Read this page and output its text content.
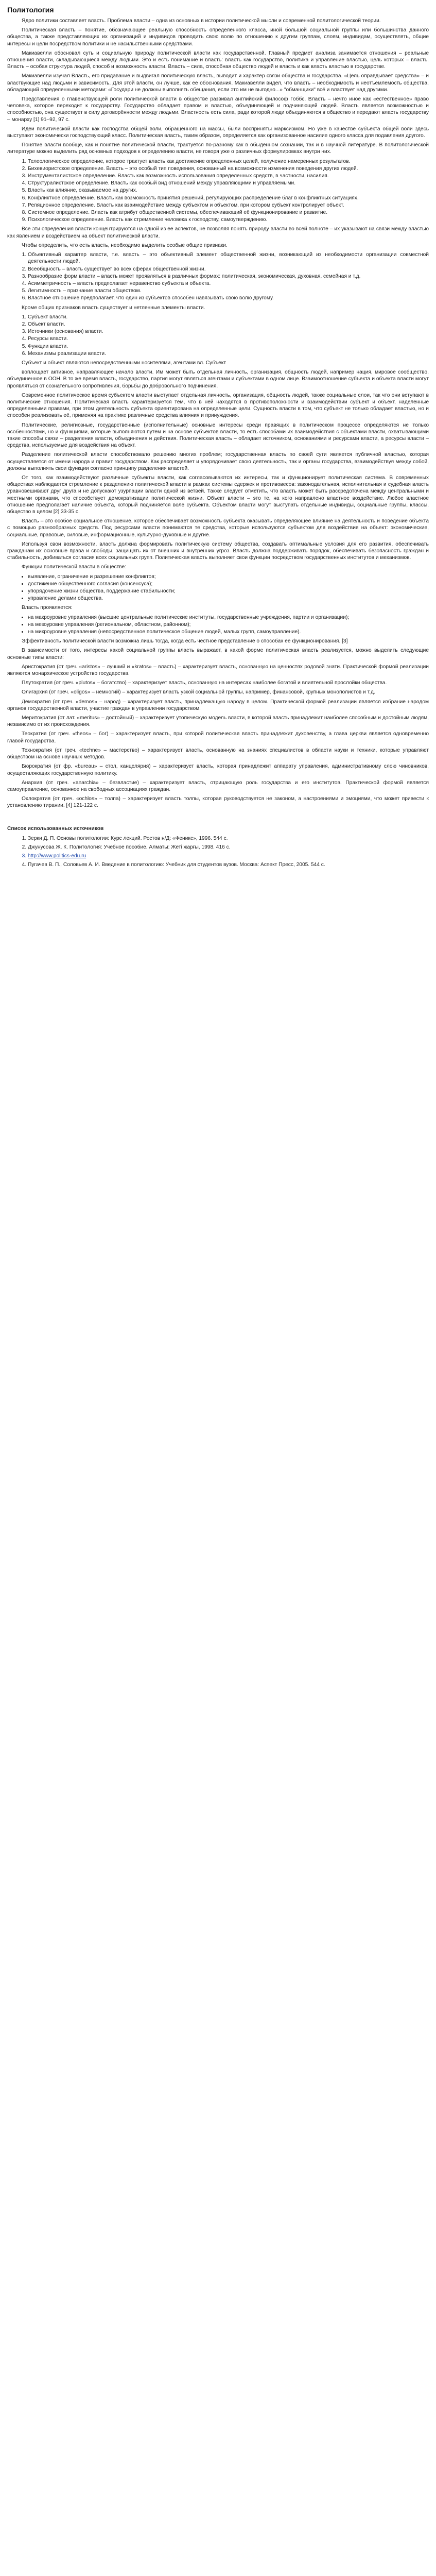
Политология

Ядро политики составляет власть. Проблема власти – одна из основных в истории политической мысли и современной политологической теории.

Политическая власть – понятие, обозначающее реальную способность определенного класса, иной большой социальной группы или большинства данного общества, а также представляющих их организаций и индивидов проводить свою волю по отношению к другим группам, слоям, индивидам, осуществлять, общие интересы и цели посредством политики и не насильственными средствами.

Макиавелли обосновал суть и социальную природу политической власти как государственной. Главный предмет анализа занимается отношения – реальные отношения власти, складывающиеся между людьми. Это и есть понимание и власть: власть как государство, политика и управление властью, цель которых – власть. Власть – особая структура людей, способ и возможность власти. Власть – сила, способная общество людей и власть и как власть властью в государстве.

Макиавелли изучал Власть, его придавание и выдвигал политическую власть, выводит и характер связи общества и государства. «Цель оправдывает средства» – и властвующие над людьми и зависимость. Для этой власти, он лучше, как ее обоснования. Макиавелли видел, что власть – необходимость и неотъемлемость общества, обладающий определенными методами: «Государи не должны выполнять обещания, если это им не выгодно...» "обманщики" всё и властвует над другими.

Представления о главенствующей роли политической власти в обществе развивал английский философ Гоббс. Власть – нечто иное как «естественное» право человека, которое переходит к государству. Государство обладает правом и властью, объединяющей и подчиняющей людей. Власть является возможностью и способностью, она существует в силу договорённости между людьми. Властность есть сила, ради которой люди объединяются в общество и передают власть государству – монарху [1] 91–92, 97 с.

Идеи политической власти как господства общей воли, обращенного на массы, были восприняты марксизмом. Но уже в качестве субъекта общей воли здесь выступают экономически господствующий класс. Политическая власть, таким образом, определяется как организованное насилие одного класса для подавления другого.

Понятие власти вообще, как и понятие политической власти, трактуется по-разному как в обыденном сознании, так и в научной литературе. В политологической литературе можно выделить ряд основных подходов к определению власти, не говоря уже о различных формулировках внутри них.

1. Телеологическое определение, которое трактует власть как достижение определенных целей, получение намеренных результатов.
2. Бихевиористское определение. Власть – это особый тип поведения, основанный на возможности изменения поведения других людей.
3. Инструменталистское определение. Власть как возможность использования определенных средств, в частности, насилия.
4. Структуралистское определение. Власть как особый вид отношений между управляющими и управляемыми.
5. Власть как влияние, оказываемое на других.
6. Конфликтное определение. Власть как возможность принятия решений, регулирующих распределение благ в конфликтных ситуациях.
7. Реляционное определение. Власть как взаимодействие между субъектом и объектом, при котором субъект контролирует объект.
8. Системное определение. Власть как атрибут общественной системы, обеспечивающий её функционирование и развитие.
9. Психологическое определение. Власть как стремление человека к господству, самоутверждению.

Все эти определения власти концентрируются на одной из ее аспектов, не позволяя понять природу власти во всей полноте – их указывают на связи между властью как явлением и воздействием на объект политической власти.

Чтобы определить, что есть власть, необходимо выделить особые общие признаки.

1. Объективный характер власти, т.е. власть – это объективный элемент общественной жизни, возникающий из необходимости организации совместной деятельности людей.
2. Всеобщность – власть существует во всех сферах общественной жизни.
3. Разнообразие форм власти – власть может проявляться в различных формах: политическая, экономическая, духовная, семейная и т.д.
4. Асимметричность – власть предполагает неравенство субъекта и объекта.
5. Легитимность – признание власти обществом.
6. Властное отношение предполагает, что один из субъектов способен навязывать свою волю другому.

Кроме общих признаков власть существует и нетленные элементы власти.

1. Субъект власти.
2. Объект власти.
3. Источники (основания) власти.
4. Ресурсы власти.
5. Функции власти.
6. Механизмы реализации власти.

Субъект и объект являются непосредственными носителями, агентами вл. Субъект

воплощает активное, направляющее начало власти. Им может быть отдельная личность, организация, общность людей, например нация, мировое сообщество, объединенное в ООН. В то же время власть, государство, партия могут являться агентами и субъектами в одном лице. Взаимоотношение субъекта и объекта власти могут проявляться от сознательного сопротивления, борьбы до добровольного подчинения.

Современное политическое время субъектом власти выступает отдельная личность, организация, общность людей, также социальные слои, так что они вступают в политические отношения. Политическая власть характеризуется тем, что в ней находятся в противоположности и взаимодействии субъект и объект, наделенные определенными правами, при этом деятельность субъекта ориентирована на определенные цели. Сущность власти в том, что субъект не только обладает властью, но и способен реализовать её, применяя на практике различные средства влияния и принуждения.

Политические, религиозные, государственные (исполнительные) основные интересы среди правящих в политическом процессе определяются не только особенностями, но и функциями, которые выполняются путем и на основе субъектов власти, то есть способами их взаимодействия с объектами власти, охватывающими такие способы связи – разделения власти, объединения и действия. Политическая власть – обладает источником, основаниями и ресурсами власти, а ресурсы власти – средства, используемые для воздействия на объект.

Разделение политической власти способствовало решению многих проблем; государственная власть по своей сути является публичной властью, которая осуществляется от имени народа и правит государством. Как распределяет и упорядочивает свою деятельность, так и органы государства, взаимодействуя между собой, должны выполнять свои функции согласно принципу разделения властей.

От того, как взаимодействуют различные субъекты власти, как согласовываются их интересы, так и функционирует политическая система. В современных обществах наблюдается стремление к разделению политической власти в рамках системы сдержек и противовесов: законодательная, исполнительная и судебная власть уравновешивают друг друга и не допускают узурпации власти одной из ветвей. Также следует отметить, что власть может быть рассредоточена между центральными и местными органами, что способствует демократизации политической жизни. Объект власти – это те, на кого направлено властное воздействие. Любое властное отношение предполагает наличие объекта, который подчиняется воле субъекта. Объектом власти могут выступать отдельные индивиды, социальные группы, классы, общество в целом [2] 33-35 с.

Власть – это особое социальное отношение, которое обеспечивает возможность субъекта оказывать определяющее влияние на деятельность и поведение объекта с помощью разнообразных средств. Под ресурсами власти понимаются те средства, которые используются субъектом для воздействия на объект: экономические, социальные, правовые, силовые, информационные, культурно-духовные и другие.

Используя свои возможности, власть должна формировать политическую систему общества, создавать оптимальные условия для его развития, обеспечивать гражданам их основные права и свободы, защищать их от внешних и внутренних угроз. Власть должна поддерживать порядок, обеспечивать безопасность граждан и стабильность, добиваться согласия всех социальных групп. Политическая власть выполняет свои функции посредством государственных институтов и механизмов.

Функции политической власти в обществе:

• выявление, ограничение и разрешение конфликтов;
• достижение общественного согласия (консенсуса);
• упорядочение жизни общества, поддержание стабильности;
• управление делами общества.

Власть проявляется:

• на макроуровне управления (высшие центральные политические институты, государственные учреждения, партии и организации);
• на мезоуровне управления (региональном, областном, районном);
• на микроуровне управления (непосредственное политическое общение людей, малых групп, самоуправление).

Эффективность политической власти возможна лишь тогда, когда есть честное представление о способах ее функционирования. [3]

В зависимости от того, интересы какой социальной группы власть выражает, в какой форме политическая власть реализуется, можно выделить следующие основные типы власти:

Аристократия (от греч. «aristos» – лучший и «kratos» – власть) – характеризует власть, основанную на ценностях родовой знати. Практической формой реализации являются монархическое устройство государства.

Плутократия (от греч. «plutos» – богатство) – характеризует власть, основанную на интересах наиболее богатой и влиятельной прослойки общества.

Олигархия (от греч. «oligos» – немногий) – характеризует власть узкой социальной группы, например, финансовой, крупных монополистов и т.д.

Демократия (от греч. «demos» – народ) – характеризует власть, принадлежащую народу в целом. Практической формой реализации является избрание народом органов государственной власти, участие граждан в управлении государством.

Меритократия (от лат. «meritus» – достойный) – характеризует утопическую модель власти, в которой власть принадлежит наиболее способным и достойным людям, независимо от их происхождения.

Теократия (от греч. «theos» – бог) – характеризует власть, при которой политическая власть принадлежит духовенству, а глава церкви является одновременно главой государства.

Технократия (от греч. «techne» – мастерство) – характеризует власть, основанную на знаниях специалистов в области науки и техники, которые управляют обществом на основе научных методов.

Бюрократия (от фр. «bureau» – стол, канцелярия) – характеризует власть, которая принадлежит аппарату управления, административному слою чиновников, осуществляющих государственную политику.

Анархия (от греч. «anarchia» – безвластие) – характеризует власть, отрицающую роль государства и его институтов. Практической формой является самоуправление, основанное на свободных ассоциациях граждан.

Охлократия (от греч. «ochlos» – толпа) – характеризует власть толпы, которая руководствуется не законом, а настроениями и эмоциями, что может привести к установлению тирании. [4] 121-122 с.

Список использованных источников
1. Зерки Д. П. Основы политологии: Курс лекций. Ростов н/Д: «Феникс», 1996. 544 с.
2. Джунусова Ж. К. Политология: Учебное пособие. Алматы: Жеті жарғы, 1998. 416 с.
3. http://www.politics-edu.ru
4. Пугачев В. П., Соловьев А. И. Введение в политологию: Учебник для студентов вузов. Москва: Аспект Пресс, 2005. 544 с.
